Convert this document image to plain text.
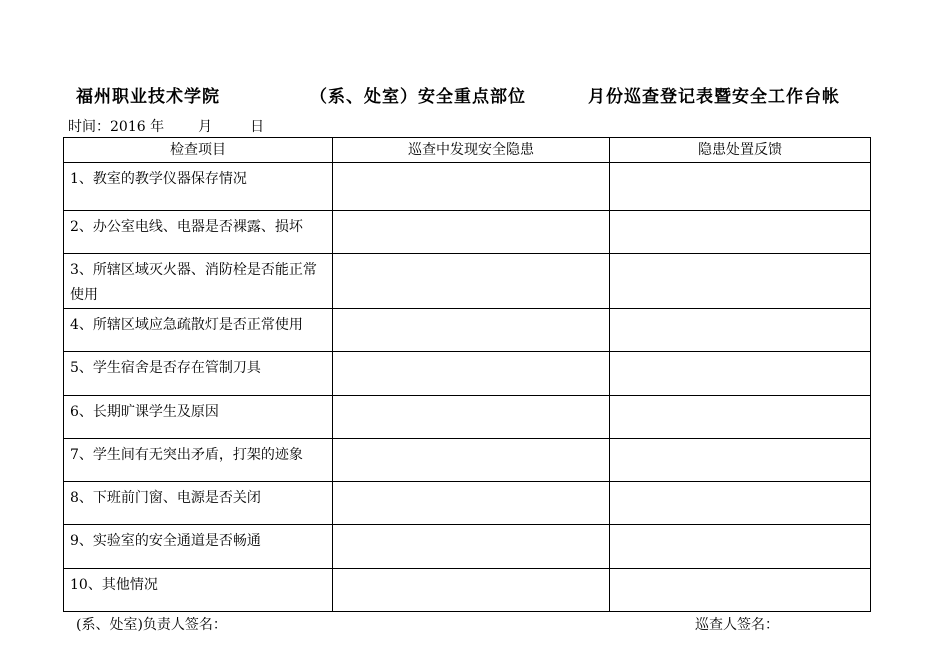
福州职业技术学院	（系、处室）安全重点部位	月份巡查登记表暨安全工作台帐
时间：2016 年 月	日
检查项目	巡查中发现安全隐患	隐患处置反馈
1、教室的教学仪器保存情况		
2、办公室电线、电器是否裸露、损坏		
3、所辖区域灭火器、消防栓是否能正常使用		
4、所辖区域应急疏散灯是否正常使用		
5、学生宿舍是否存在管制刀具		
6、长期旷课学生及原因		
7、学生间有无突出矛盾，打架的迹象		
8、下班前门窗、电源是否关闭		
9、实验室的安全通道是否畅通		
10、其他情况		
(系、处室)负责人签名：	巡查人签名：
